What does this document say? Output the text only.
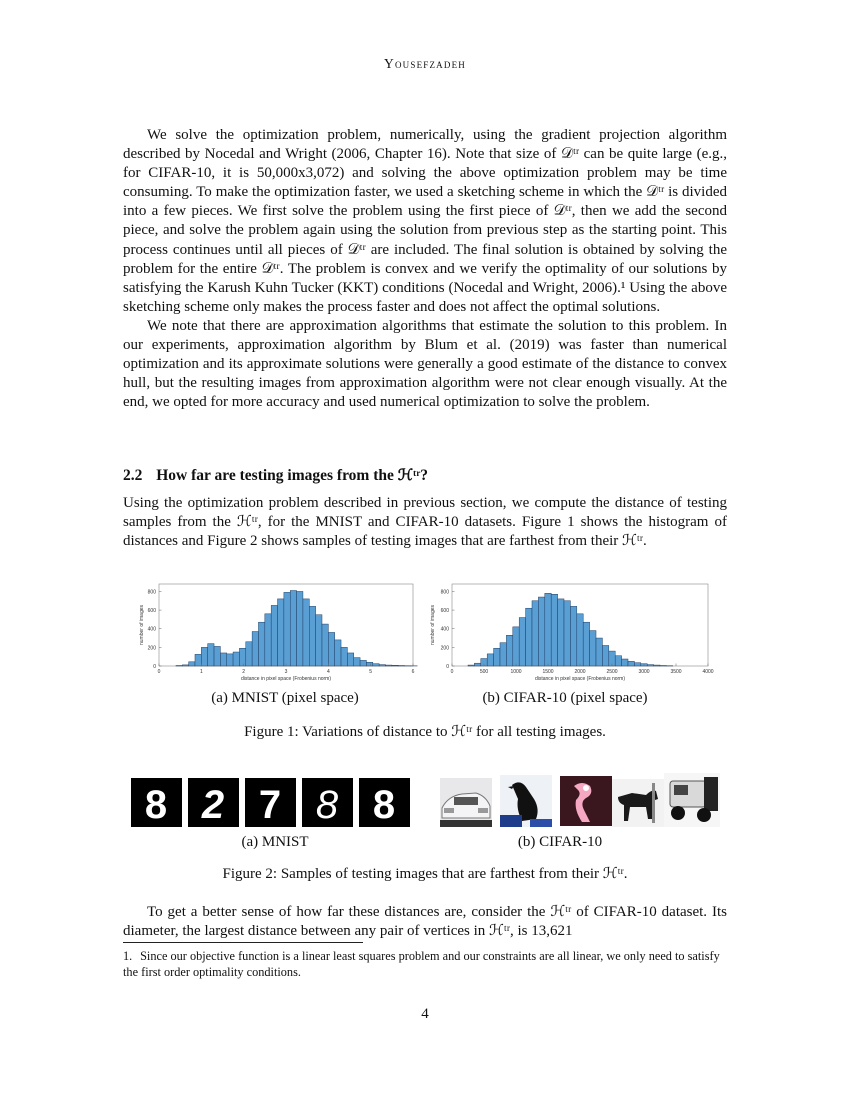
Yousefzadeh

We solve the optimization problem, numerically, using the gradient projection algorithm described by Nocedal and Wright (2006, Chapter 16). Note that size of 𝒟ᵗʳ can be quite large (e.g., for CIFAR-10, it is 50,000x3,072) and solving the above optimization problem may be time consuming. To make the optimization faster, we used a sketching scheme in which the 𝒟ᵗʳ is divided into a few pieces. We first solve the problem using the first piece of 𝒟ᵗʳ, then we add the second piece, and solve the problem again using the solution from previous step as the starting point. This process continues until all pieces of 𝒟ᵗʳ are included. The final solution is obtained by solving the problem for the entire 𝒟ᵗʳ. The problem is convex and we verify the optimality of our solutions by satisfying the Karush Kuhn Tucker (KKT) conditions (Nocedal and Wright, 2006).¹ Using the above sketching scheme only makes the process faster and does not affect the optimal solutions.

We note that there are approximation algorithms that estimate the solution to this problem. In our experiments, approximation algorithm by Blum et al. (2019) was faster than numerical optimization and its approximate solutions were generally a good estimate of the distance to convex hull, but the resulting images from approximation algorithm were not clear enough visually. At the end, we opted for more accuracy and used numerical optimization to solve the problem.

2.2 How far are testing images from the ℋᵗʳ?

Using the optimization problem described in previous section, we compute the distance of testing samples from the ℋᵗʳ, for the MNIST and CIFAR-10 datasets. Figure 1 shows the histogram of distances and Figure 2 shows samples of testing images that are farthest from their ℋᵗʳ.

0
200
400
600
800
0	1	2	3	4	5	6
distance in pixel space (Frobenius norm)
number of images
0
200
400
600
800
0	500	1000	1500	2000	2500	3000	3500	4000
distance in pixel space (Frobenius norm)
number of images
(a) MNIST (pixel space)	(b) CIFAR-10 (pixel space)
Figure 1: Variations of distance to ℋᵗʳ for all testing images.
8 2 7 8 8
(a) MNIST	(b) CIFAR-10
Figure 2: Samples of testing images that are farthest from their ℋᵗʳ.

To get a better sense of how far these distances are, consider the ℋᵗʳ of CIFAR-10 dataset. Its diameter, the largest distance between any pair of vertices in ℋᵗʳ, is 13,621

1. Since our objective function is a linear least squares problem and our constraints are all linear, we only need to satisfy the first order optimality conditions.
4
